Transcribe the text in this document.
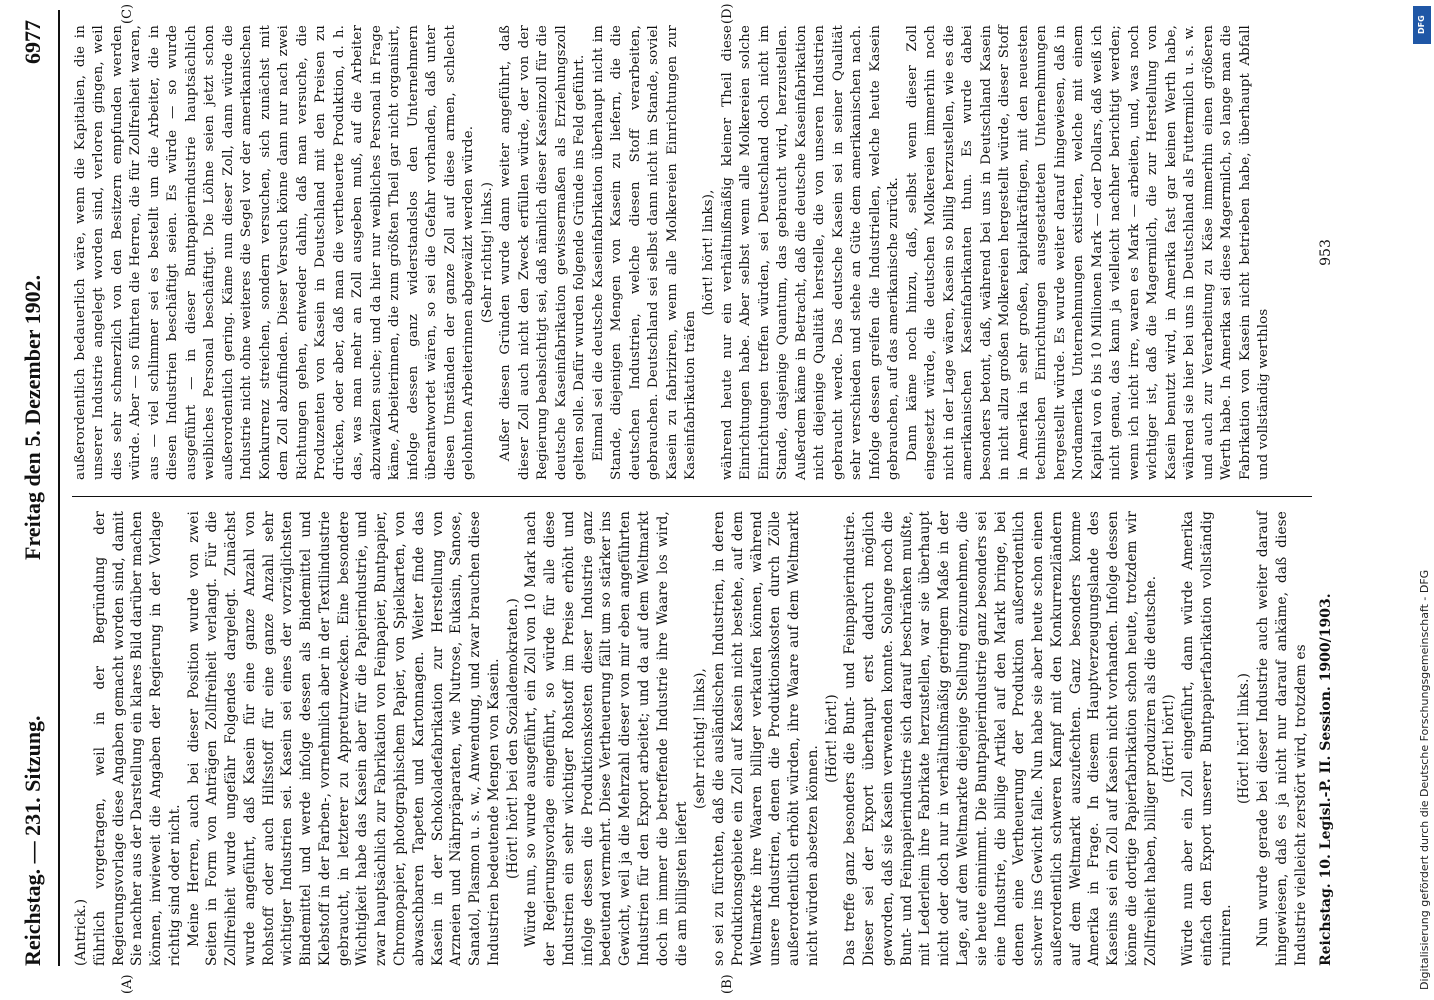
Reichstag. — 231. Sitzung.
Freitag den 5. Dezember 1902.
6977
(A)	(B)
(C)	(D)

(Antrick.) führlich vorgetragen, weil in der Begründung der Regierungsvorlage diese Angaben gemacht worden sind, damit Sie nachher aus der Darstellung ein klares Bild darüber machen können, inwieweit die Angaben der Regierung in der Vorlage richtig sind oder nicht. Meine Herren, auch bei dieser Position wurde von zwei Seiten in Form von Anträgen Zollfreiheit verlangt. Für die Zollfreiheit wurde ungefähr Folgendes dargelegt. Zunächst wurde angeführt, daß Kasein für eine ganze Anzahl von Rohstoff oder auch Hilfsstoff für eine ganze Anzahl sehr wichtiger Industrien sei. Kasein sei eines der vorzüglichsten Bindemittel und werde infolge dessen als Bindemittel und Klebstoff in der Farben-, vornehmlich aber in der Textilindustrie gebraucht, in letzterer zu Appreturzwecken. Eine besondere Wichtigkeit habe das Kasein aber für die Papierindustrie, und zwar hauptsächlich zur Fabrikation von Feinpapier, Buntpapier, Chromopapier, photographischem Papier, von Spielkarten, von abwaschbaren Tapeten und Kartonnagen. Weiter finde das Kasein in der Schokoladefabrikation zur Herstellung von Arzneien und Nährpräparaten, wie Nutrose, Eukasin, Sanose, Sanatol, Plasmon u. s. w., Anwendung, und zwar brauchen diese Industrien bedeutende Mengen von Kasein. (Hört! hört! bei den Sozialdemokraten.) Würde nun, so wurde ausgeführt, ein Zoll von 10 Mark nach der Regierungsvorlage eingeführt, so würde für alle diese Industrien ein sehr wichtiger Rohstoff im Preise erhöht und infolge dessen die Produktionskosten dieser Industrie ganz bedeutend vermehrt. Diese Vertheuerung fällt um so stärker ins Gewicht, weil ja die Mehrzahl dieser von mir eben angeführten Industrien für den Export arbeitet; und da auf dem Weltmarkt doch im immer die betreffende Industrie ihre Waare los wird, die am billigsten liefert

(sehr richtig! links), so sei zu fürchten, daß die ausländischen Industrien, in deren Produktionsgebiete ein Zoll auf Kasein nicht bestehe, auf dem Weltmarkte ihre Waaren billiger verkaufen können, während unsere Industrien, denen die Produktionskosten durch Zölle außerordentlich erhöht würden, ihre Waare auf dem Weltmarkt nicht würden absetzen können.

(Hört! hört!) Das treffe ganz besonders die Bunt- und Feinpapierindustrie. Dieser sei der Export überhaupt erst dadurch möglich geworden, daß sie Kasein verwenden konnte. Solange noch die Bunt- und Feinpapierindustrie sich darauf beschränken mußte, mit Lederleim ihre Fabrikate herzustellen, war sie überhaupt nicht oder doch nur in verhältnißmäßig geringem Maße in der Lage, auf dem Weltmarkte diejenige Stellung einzunehmen, die sie heute einnimmt. Die Buntpapierindustrie ganz besonders sei eine Industrie, die billige Artikel auf den Markt bringe, bei denen eine Vertheuerung der Produktion außerordentlich schwer ins Gewicht falle. Nun habe sie aber heute schon einen außerordentlich schweren Kampf mit den Konkurrenzländern auf dem Weltmarkt auszufechten. Ganz besonders komme Amerika in Frage. In diesem Hauptverzeugungslande des Kaseins sei ein Zoll auf Kasein nicht vorhanden. Infolge dessen könne die dortige Papierfabrikation schon heute, trotzdem wir Zollfreiheit haben, billiger produziren als die deutsche. (Hört! hört!) Würde nun aber ein Zoll eingeführt, dann würde Amerika einfach den Export unserer Buntpapierfabrikation vollständig ruiniren.

(Hört! hört! links.) Nun wurde gerade bei dieser Industrie auch weiter darauf hingewiesen, daß es ja nicht nur darauf ankäme, daß diese Industrie vielleicht zerstört wird, trotzdem es

außerordentlich bedauerlich wäre, wenn die Kapitalien, die in unserer Industrie angelegt worden sind, verloren gingen, weil dies sehr schmerzlich von den Besitzern empfunden werden würde. Aber — so führten die Herren, die für Zollfreiheit waren, aus — viel schlimmer sei es bestellt um die Arbeiter, die in diesen Industrien beschäftigt seien. Es würde — so wurde ausgeführt — in dieser Buntpapierindustrie hauptsächlich weibliches Personal beschäftigt. Die Löhne seien jetzt schon außerordentlich gering. Käme nun dieser Zoll, dann würde die Industrie nicht ohne weiteres die Segel vor der amerikanischen Konkurrenz streichen, sondern versuchen, sich zunächst mit dem Zoll abzufinden. Dieser Versuch könne dann nur nach zwei Richtungen gehen, entweder dahin, daß man versuche, die Produzenten von Kasein in Deutschland mit den Preisen zu drücken, oder aber, daß man die vertheuerte Produktion, d. h. das, was man mehr an Zoll ausgeben muß, auf die Arbeiter abzuwälzen suche; und da hier nur weibliches Personal in Frage käme, Arbeiterinnen, die zum größten Theil gar nicht organisirt, infolge dessen ganz widerstandslos den Unternehmern überantwortet wären, so sei die Gefahr vorhanden, daß unter diesen Umständen der ganze Zoll auf diese armen, schlecht gelohnten Arbeiterinnen abgewälzt werden würde. (Sehr richtig! links.) Außer diesen Gründen wurde dann weiter angeführt, daß dieser Zoll auch nicht den Zweck erfüllen würde, der von der Regierung beabsichtigt sei, daß nämlich dieser Kaseinzoll für die deutsche Kaseinfabrikation gewissermaßen als Erziehungszoll gelten solle. Dafür wurden folgende Gründe ins Feld geführt. Einmal sei die deutsche Kaseinfabrikation überhaupt nicht im Stande, diejenigen Mengen von Kasein zu liefern, die die deutschen Industrien, welche diesen Stoff verarbeiten, gebrauchen. Deutschland sei selbst dann nicht im Stande, soviel Kasein zu fabriziren, wenn alle Molkereien Einrichtungen zur Kaseinfabrikation träfen

(hört! hört! links), während heute nur ein verhältnißmäßig kleiner Theil diese Einrichtungen habe. Aber selbst wenn alle Molkereien solche Einrichtungen treffen würden, sei Deutschland doch nicht im Stande, dasjenige Quantum, das gebraucht wird, herzustellen. Außerdem käme in Betracht, daß die deutsche Kaseinfabrikation nicht diejenige Qualität herstelle, die von unseren Industrien gebraucht werde. Das deutsche Kasein sei in seiner Qualität sehr verschieden und stehe an Güte dem amerikanischen nach. Infolge dessen greifen die Industriellen, welche heute Kasein gebrauchen, auf das amerikanische zurück. Dann käme noch hinzu, daß, selbst wenn dieser Zoll eingesetzt würde, die deutschen Molkereien immerhin noch nicht in der Lage wären, Kasein so billig herzustellen, wie es die amerikanischen Kaseinfabrikanten thun. Es wurde dabei besonders betont, daß, während bei uns in Deutschland Kasein in nicht allzu großen Molkereien hergestellt würde, dieser Stoff in Amerika in sehr großen, kapitalkräftigen, mit den neuesten technischen Einrichtungen ausgestatteten Unternehmungen hergestellt würde. Es wurde weiter darauf hingewiesen, daß in Nordamerika Unternehmungen existirten, welche mit einem Kapital von 6 bis 10 Millionen Mark — oder Dollars, daß weiß ich nicht genau, das kann ja vielleicht nachher berichtigt werden; wenn ich nicht irre, waren es Mark — arbeiten, und, was noch wichtiger ist, daß die Magermilch, die zur Herstellung von Kasein benutzt wird, in Amerika fast gar keinen Werth habe, während sie hier bei uns in Deutschland als Futtermilch u. s. w. und auch zur Verarbeitung zu Käse immerhin einen größeren Werth habe. In Amerika sei diese Magermilch, so lange man die Fabrikation von Kasein nicht betrieben habe, überhaupt Abfall und vollständig werthlos

Reichstag. 10. Legisl.-P. II. Session. 1900/1903.
953
Digitalisierung gefördert durch die Deutsche Forschungsgemeinschaft - DFG
DFG
